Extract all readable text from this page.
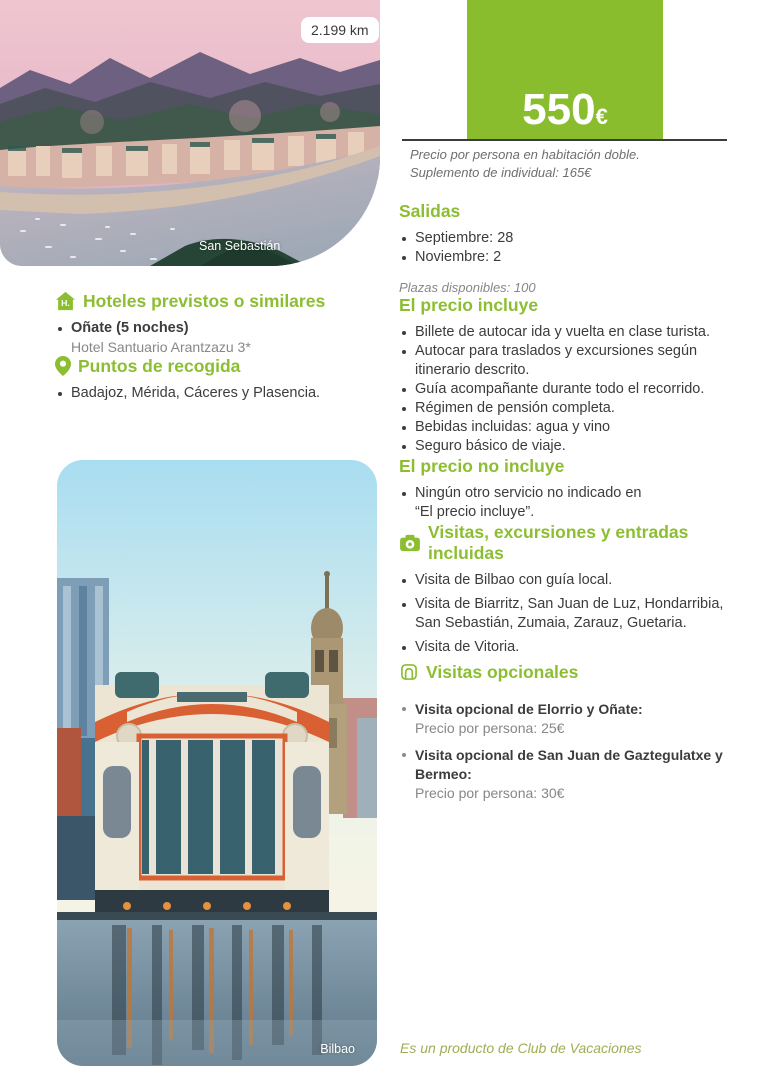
2.199 km
San Sebastián
550€
Precio por persona en habitación doble.
Suplemento de individual: 165€
Salidas
Septiembre: 28
Noviembre: 2
Plazas disponibles: 100
El precio incluye
Billete de autocar ida y vuelta en clase turista.
Autocar para traslados y excursiones según itinerario descrito.
Guía acompañante durante todo el recorrido.
Régimen de pensión completa.
Bebidas incluidas: agua y vino
Seguro básico de viaje.
El precio no incluye
Ningún otro servicio no indicado en
“El precio incluye”.
Visitas, excursiones y entradas incluidas
Visita de Bilbao con guía local.
Visita de Biarritz, San Juan de Luz, Hondarribia, San Sebastián, Zumaia, Zarauz, Guetaria.
Visita de Vitoria.
Visitas opcionales
Visita opcional de Elorrio y Oñate:
Precio por persona: 25€
Visita opcional de San Juan de Gaztegulatxe y Bermeo:
Precio por persona: 30€
H. Hoteles previstos o similares
Oñate (5 noches)
Hotel Santuario Arantzazu 3*
Puntos de recogida
Badajoz, Mérida, Cáceres y Plasencia.
Bilbao	Es un producto de Club de Vacaciones
